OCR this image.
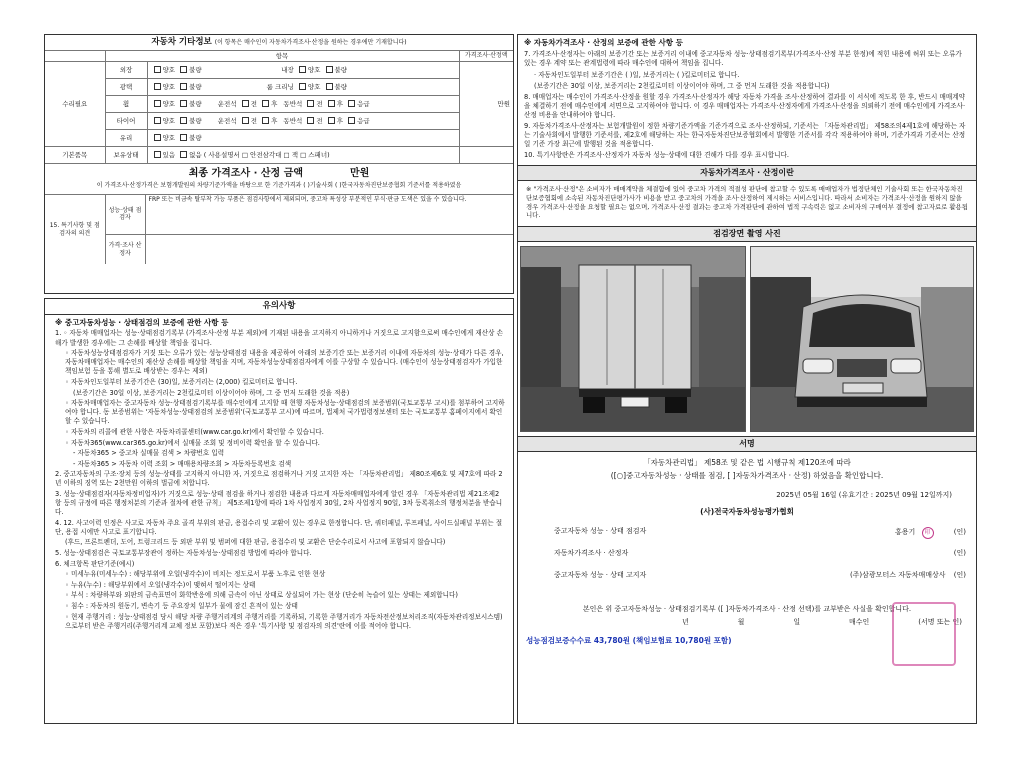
자동차 기타정보 (이 항목은 매수인이 자동차가격조사·산정을 원하는 경우에만 기재합니다)
	항목		가격조사·산정액
수리필요	외장	양호 불량 내장 양호 불량	만원
	광택	양호 불량 룸 크리닝 양호 불량	
	휠	양호 불량 운전석 전 후 동반석 전 후 응급	
	타이어	양호 불량 운전석 전 후 동반석 전 후 응급	
	유리	양호 불량	
기본품목	보유상태	있음 없음 ( 사용설명서 □ 안전삼각대 □ 잭 □ 스패너)	
최종 가격조사 · 산정 금액	만원
이 가격조사·산정가격은 보험개발원의 차량기준가액을 바탕으로 한 기준가격과 ( )기술사회 ( )한국자동차진단보증협회 기준서를 적용하였음
15. 특기사항 및 점검자의 의견	성능·상태 점검자	FRP 또는 비금속 탈부착 가능 부품은 점검사항에서 제외되며, 중고차 특성상 부분적인 부식·판금 도색은 있을 수 있습니다.
	가격·조사 산정자	
유의사항

※ 중고자동차성능 · 상태점검의 보증에 관한 사항 등

1. ◦ 자동차 매매업자는 성능·상태점검기록부 (가격조사·산정 부분 제외)에 기재된 내용을 고지하지 아니하거나 거짓으로 고지함으로써 매수인에게 재산상 손해가 발생한 경우에는 그 손해를 배상할 책임을 집니다.

◦ 자동차성능상태점검자가 거짓 또는 오류가 있는 성능상태점검 내용을 제공하여 아래의 보증기간 또는 보증거리 이내에 자동차의 성능·상태가 다른 경우, 자동차매매업자는 매수인의 재산상 손해를 배상할 책임을 지며, 자동차성능상태점검자에게 이를 구상할 수 있습니다. (매수인이 성능상태점검자가 가입한 책임보험 등을 통해 별도로 배상받는 경우는 제외)

◦ 자동차인도일부터 보증기간은 (30)일, 보증거리는 (2,000) 킬로미터로 합니다.

(보증기간은 30일 이상, 보증거리는 2천킬로미터 이상이어야 하며, 그 중 먼저 도래한 것을 적용)

◦ 자동차매매업자는 중고자동차 성능·상태점검기록부를 매수인에게 고지할 때 현행 자동차성능·상태점검의 보증범위(국토교통부 고시)를 첨부하여 고지하여야 합니다. 동 보증범위는 '자동차성능·상태점검의 보증범위'(국토교통부 고시)에 따르며, 법제처 국가법령정보센터 또는 국토교통부 홈페이지에서 확인할 수 있습니다.

◦ 자동차의 리콜에 관한 사항은 자동차리콜센터(www.car.go.kr)에서 확인할 수 있습니다.

◦ 자동차365(www.car365.go.kr)에서 실매물 조회 및 정비이력 확인을 할 수 있습니다.

- 자동차365 > 중고차 실매물 검색 > 차량번호 입력

- 자동차365 > 자동차 이력 조회 > 매매용차량조회 > 자동차등록번호 검색

2. 중고자동차의 구조·장치 등의 성능·상태를 고지하지 아니한 자, 거짓으로 점검하거나 거짓 고지한 자는 「자동차관리법」 제80조제6호 및 제7호에 따라 2년 이하의 징역 또는 2천만원 이하의 벌금에 처합니다.

3. 성능·상태점검자(자동차정비업자)가 거짓으로 성능·상태 점검을 하거나 점검한 내용과 다르게 자동차매매업자에게 알린 경우 「자동차관리법 제21조제2항 등의 규정에 따른 행정처분의 기준과 절차에 관한 규칙」 제5조제1항에 따라 1차 사업정지 30일, 2차 사업정지 90일, 3차 등록취소의 행정처분을 받습니다.

4. 12. 사고이력 인정은 사고로 자동차 주요 골격 부위의 판금, 용접수리 및 교환이 있는 경우로 한정합니다. 단, 쿼터패널, 루프패널, 사이드실패널 부위는 절단, 용접 시에만 사고로 표기합니다.

(후드, 프론트펜더, 도어, 트렁크리드 등 외판 부위 및 범퍼에 대한 판금, 용접수리 및 교환은 단순수리로서 사고에 포함되지 않습니다)

5. 성능·상태점검은 국토교통부장관이 정하는 자동차성능·상태점검 방법에 따라야 합니다.

6. 체크항목 판단기준(예시)

◦ 미세누유(미세누수) : 해당부위에 오일(냉각수)이 비치는 정도로서 부품 노후로 인한 현상

◦ 누유(누수) : 해당부위에서 오일(냉각수)이 맺혀서 떨어지는 상태

◦ 부식 : 차량하부와 외판의 금속표면이 화학반응에 의해 금속이 아닌 상태로 상실되어 가는 현상 (단순히 녹슬어 있는 상태는 제외합니다)

◦ 침수 : 자동차의 원동기, 변속기 등 주요장치 일부가 물에 잠긴 흔적이 있는 상태

◦ 현재 주행거리 : 성능·상태점검 당시 해당 차량 주행거리계의 주행거리를 기록하되, 기록한 주행거리가 자동차전산정보처리조직(자동차관리정보시스템)으로부터 받은 주행거리(주행거리계 교체 정보 포함)보다 적은 경우 '특기사항 및 점검자의 의견'란에 이를 적어야 합니다.

※ 자동차가격조사 · 산정의 보증에 관한 사항 등

7. 가격조사·산정자는 아래의 보증기간 또는 보증거리 이내에 중고자동차 성능·상태점검기록부(가격조사·산정 부분 한정)에 적힌 내용에 허위 또는 오류가 있는 경우 계약 또는 관계법령에 따라 매수인에 대하여 책임을 집니다.

· 자동차인도일부터 보증기간은 ( )일, 보증거리는 ( )킬로미터로 합니다.

(보증기간은 30일 이상, 보증거리는 2천킬로미터 이상이어야 하며, 그 중 먼저 도래한 것을 적용합니다)

8. 매매업자는 매수인이 가격조사·산정을 원할 경우 가격조사·산정자가 해당 자동차 가격을 조사·산정하여 결과를 이 서식에 적도록 한 후, 반드시 매매계약을 체결하기 전에 매수인에게 서면으로 고지하여야 합니다. 이 경우 매매업자는 가격조사·산정자에게 가격조사·산정을 의뢰하기 전에 매수인에게 가격조사·산정 비용을 안내하여야 합니다.

9. 자동차가격조사·산정자는 보험개발원이 정한 차량기준가액을 기준가격으로 조사·산정하되, 기준서는 「자동차관리법」 제58조의4제1호에 해당하는 자는 기술사회에서 발행한 기준서를, 제2호에 해당하는 자는 한국자동차진단보증협회에서 발행한 기준서를 각각 적용하여야 하며, 기준가격과 기준서는 산정일 기준 가장 최근에 발행된 것을 적용합니다.

10. 특기사항란은 가격조사·산정자가 자동차 성능·상태에 대한 견해가 다를 경우 표시합니다.

자동차가격조사 · 산정이란
※ "가격조사·산정"은 소비자가 매매계약을 체결함에 있어 중고차 가격의 적절성 판단에 참고할 수 있도록 매매업자가 법정단체인 기술사회 또는 한국자동차진단보증협회에 소속된 자동차진단평가사가 비용을 받고 중고차의 가격을 조사·산정하여 제시하는 서비스입니다. 따라서 소비자는 가격조사·산정을 원하지 않을 경우 가격조사·산정을 요청할 필요는 없으며, 가격조사·산정 결과는 중고차 가격판단에 관하여 법적 구속력은 없고 소비자의 구매여부 결정에 참고자료로 활용됩니다.
점검장면 촬영 사진
서명

「자동차관리법」 제58조 및 같은 법 시행규칙 제120조에 따라

([○]중고자동차성능 · 상태를 점검, [ ]자동차가격조사 · 산정) 하였음을 확인합니다.

2025년 05월 16일 (유효기간 : 2025년 09월 12일까지)

(사)전국자동차성능평가협회

중고자동차 성능 · 상태 점검자	홍용기 印	(인)
자동차가격조사 · 산정자	(인)
중고자동차 성능 · 상태 고지자	(주)삼광모터스 자동차매매상사 (인)

본인은 위 중고자동차성능 · 상태점검기록부 ([ ]자동차가격조사 · 산정 선택)를 교부받은 사실을 확인합니다.

년	월	일	매수인	(서명 또는 인)

성능점검보증수수료 43,780원 (책임보험료 10,780원 포함)
